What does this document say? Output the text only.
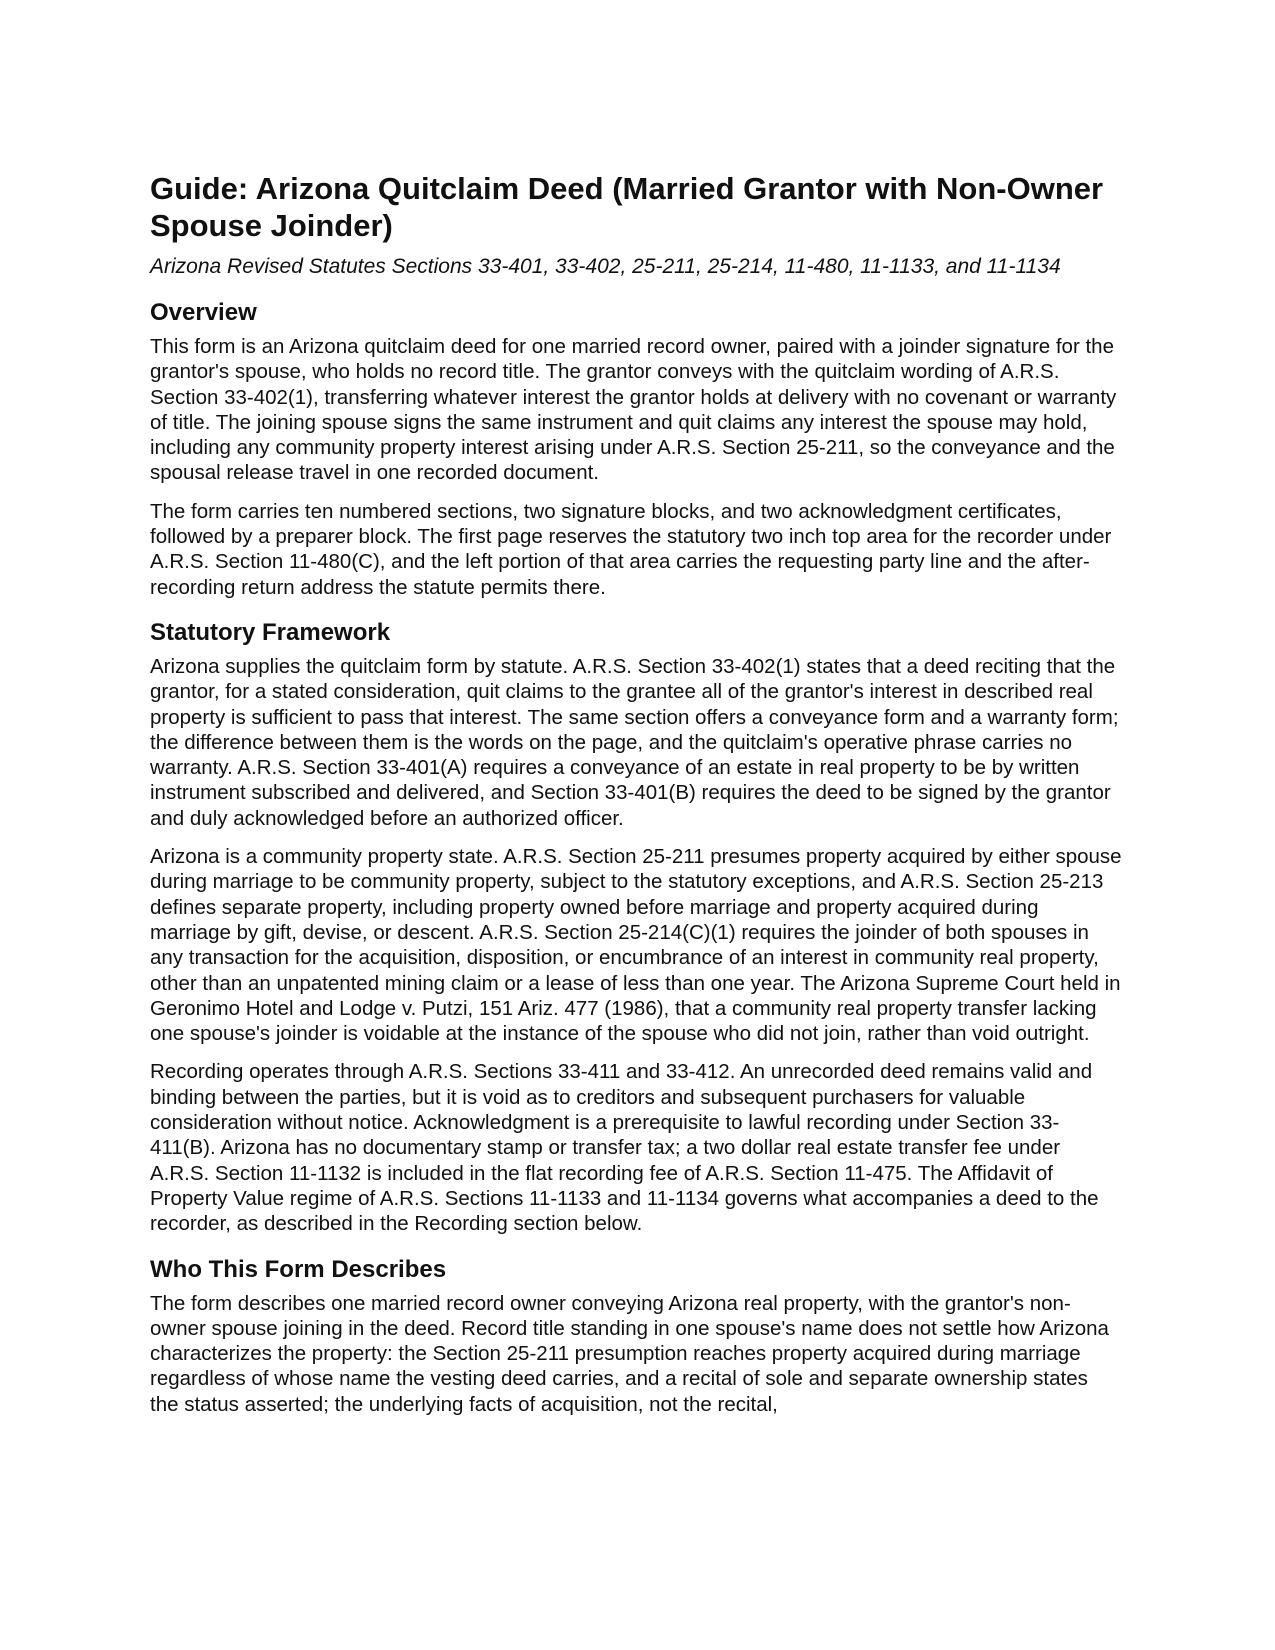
Guide: Arizona Quitclaim Deed (Married Grantor with Non-Owner Spouse Joinder)

Arizona Revised Statutes Sections 33-401, 33-402, 25-211, 25-214, 11-480, 11-1133, and 11-1134

Overview

This form is an Arizona quitclaim deed for one married record owner, paired with a joinder signature for the grantor's spouse, who holds no record title. The grantor conveys with the quitclaim wording of A.R.S. Section 33-402(1), transferring whatever interest the grantor holds at delivery with no covenant or warranty of title. The joining spouse signs the same instrument and quit claims any interest the spouse may hold, including any community property interest arising under A.R.S. Section 25-211, so the conveyance and the spousal release travel in one recorded document.

The form carries ten numbered sections, two signature blocks, and two acknowledgment certificates, followed by a preparer block. The first page reserves the statutory two inch top area for the recorder under A.R.S. Section 11-480(C), and the left portion of that area carries the requesting party line and the after-recording return address the statute permits there.

Statutory Framework

Arizona supplies the quitclaim form by statute. A.R.S. Section 33-402(1) states that a deed reciting that the grantor, for a stated consideration, quit claims to the grantee all of the grantor's interest in described real property is sufficient to pass that interest. The same section offers a conveyance form and a warranty form; the difference between them is the words on the page, and the quitclaim's operative phrase carries no warranty. A.R.S. Section 33-401(A) requires a conveyance of an estate in real property to be by written instrument subscribed and delivered, and Section 33-401(B) requires the deed to be signed by the grantor and duly acknowledged before an authorized officer.

Arizona is a community property state. A.R.S. Section 25-211 presumes property acquired by either spouse during marriage to be community property, subject to the statutory exceptions, and A.R.S. Section 25-213 defines separate property, including property owned before marriage and property acquired during marriage by gift, devise, or descent. A.R.S. Section 25-214(C)(1) requires the joinder of both spouses in any transaction for the acquisition, disposition, or encumbrance of an interest in community real property, other than an unpatented mining claim or a lease of less than one year. The Arizona Supreme Court held in Geronimo Hotel and Lodge v. Putzi, 151 Ariz. 477 (1986), that a community real property transfer lacking one spouse's joinder is voidable at the instance of the spouse who did not join, rather than void outright.

Recording operates through A.R.S. Sections 33-411 and 33-412. An unrecorded deed remains valid and binding between the parties, but it is void as to creditors and subsequent purchasers for valuable consideration without notice. Acknowledgment is a prerequisite to lawful recording under Section 33-411(B). Arizona has no documentary stamp or transfer tax; a two dollar real estate transfer fee under A.R.S. Section 11-1132 is included in the flat recording fee of A.R.S. Section 11-475. The Affidavit of Property Value regime of A.R.S. Sections 11-1133 and 11-1134 governs what accompanies a deed to the recorder, as described in the Recording section below.

Who This Form Describes

The form describes one married record owner conveying Arizona real property, with the grantor's non-owner spouse joining in the deed. Record title standing in one spouse's name does not settle how Arizona characterizes the property: the Section 25-211 presumption reaches property acquired during marriage regardless of whose name the vesting deed carries, and a recital of sole and separate ownership states the status asserted; the underlying facts of acquisition, not the recital,
